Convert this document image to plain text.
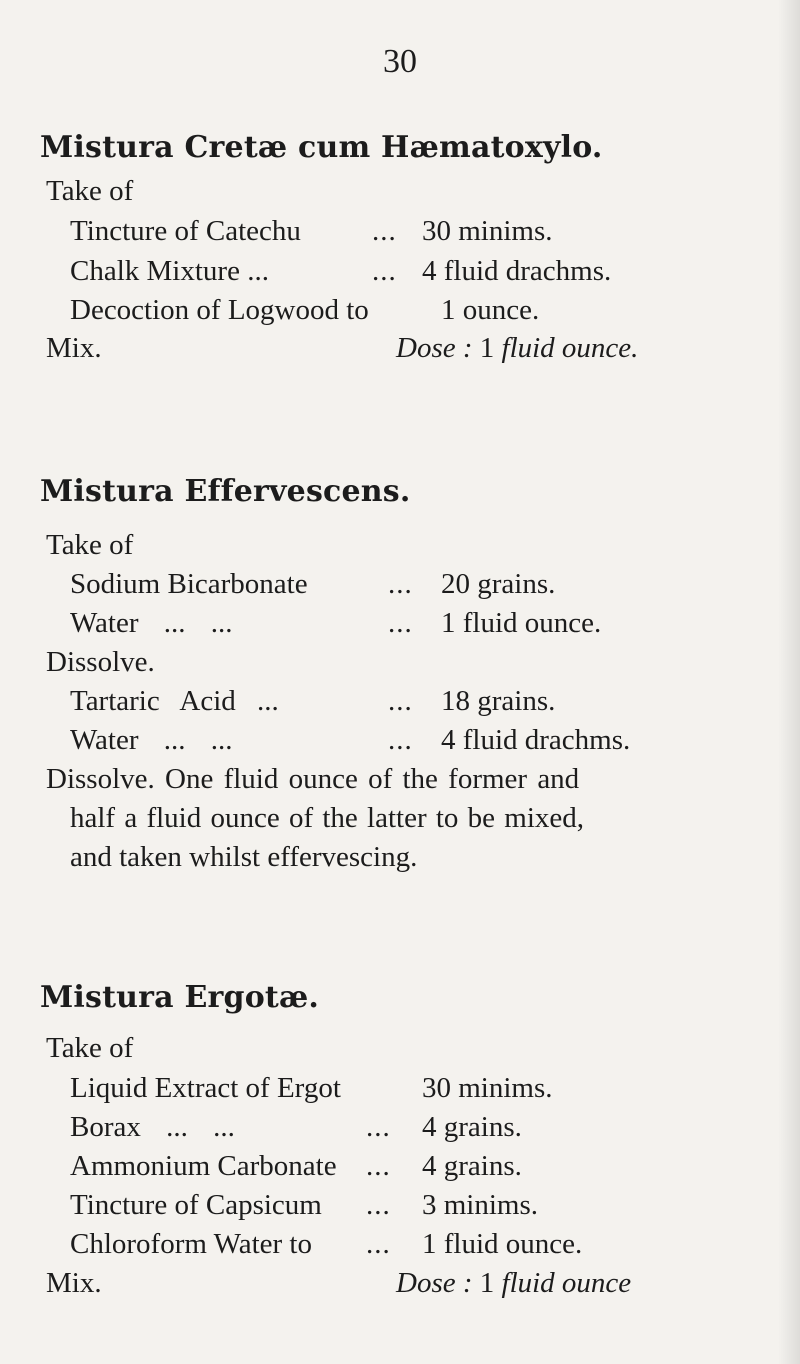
30
Mistura Cretæ cum Hæmatoxylo.
Take of
Tincture of Catechu ... 30 minims.
Chalk Mixture ...	... 4 fluid drachms.
Decoction of Logwood to 1 ounce.
Mix.	Dose : 1 fluid ounce.
Mistura Effervescens.
Take of
Sodium Bicarbonate	... 20 grains.
Water ... ...	... 1 fluid ounce.
Dissolve.
Tartaric Acid ...	... 18 grains.
Water ... ...	... 4 fluid drachms.
Dissolve. One fluid ounce of the former and
half a fluid ounce of the latter to be mixed,
and taken whilst effervescing.
Mistura Ergotæ.
Take of
Liquid Extract of Ergot	30 minims.
Borax ... ...	... 4 grains.
Ammonium Carbonate ... 4 grains.
Tincture of Capsicum ... 3 minims.
Chloroform Water to ... 1 fluid ounce.
Mix.	Dose : 1 fluid ounce
